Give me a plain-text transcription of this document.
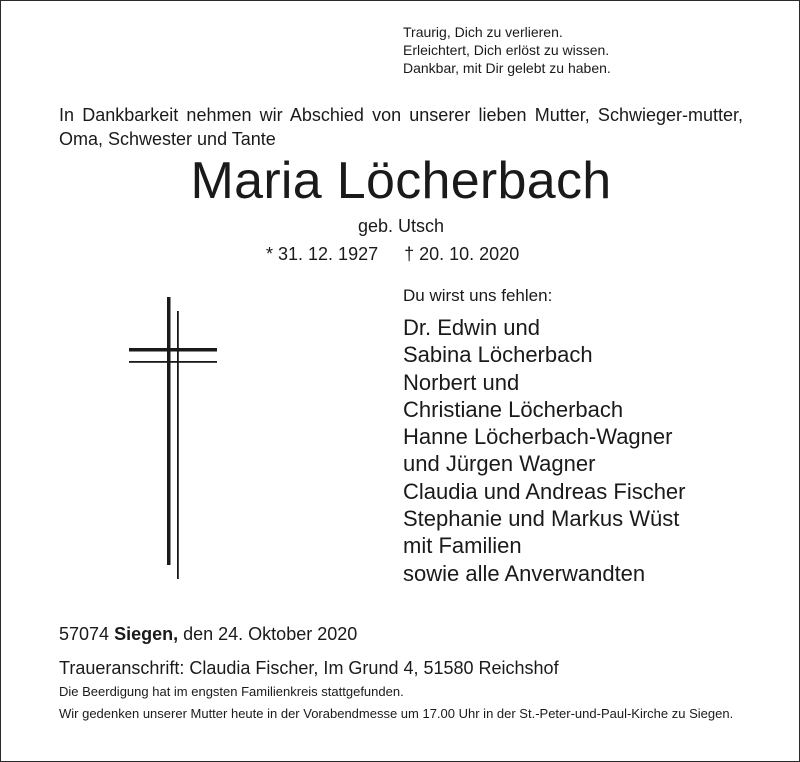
Traurig, Dich zu verlieren.
Erleichtert, Dich erlöst zu wissen.
Dankbar, mit Dir gelebt zu haben.
In Dankbarkeit nehmen wir Abschied von unserer lieben Mutter, Schwieger-mutter, Oma, Schwester und Tante
Maria Löcherbach
geb. Utsch
* 31. 12. 1927 † 20. 10. 2020
Du wirst uns fehlen:
Dr. Edwin und
Sabina Löcherbach
Norbert und
Christiane Löcherbach
Hanne Löcherbach-Wagner
und Jürgen Wagner
Claudia und Andreas Fischer
Stephanie und Markus Wüst
mit Familien
sowie alle Anverwandten
57074 Siegen, den 24. Oktober 2020
Traueranschrift: Claudia Fischer, Im Grund 4, 51580 Reichshof
Die Beerdigung hat im engsten Familienkreis stattgefunden.
Wir gedenken unserer Mutter heute in der Vorabendmesse um 17.00 Uhr in der St.-Peter-und-Paul-Kirche zu Siegen.
